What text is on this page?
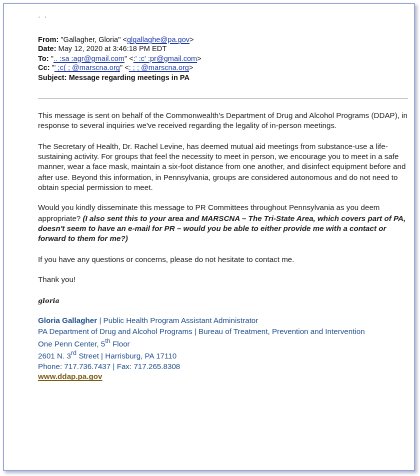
· ·
From: "Gallagher, Gloria" <glgallaghe@pa.gov>
Date: May 12, 2020 at 3:46:18 PM EDT
To: ".. :sa :agr@gmail.com" <:' :c' :pr@gmail.com>
Cc: "' ;c( ; @marscna.org" <: ; ; @marscna.org>
Subject: Message regarding meetings in PA

This message is sent on behalf of the Commonwealth's Department of Drug and Alcohol Programs (DDAP), in response to several inquiries we've received regarding the legality of in-person meetings.

The Secretary of Health, Dr. Rachel Levine, has deemed mutual aid meetings from substance-use a life-sustaining activity. For groups that feel the necessity to meet in person, we encourage you to meet in a safe manner, wear a face mask, maintain a six-foot distance from one another, and disinfect equipment before and after use. Beyond this information, in Pennsylvania, groups are considered autonomous and do not need to obtain special permission to meet.

Would you kindly disseminate this message to PR Committees throughout Pennsylvania as you deem appropriate? (I also sent this to your area and MARSCNA – The Tri-State Area, which covers part of PA, doesn't seem to have an e-mail for PR – would you be able to either provide me with a contact or forward to them for me?)

If you have any questions or concerns, please do not hesitate to contact me.

Thank you!

gloria
Gloria Gallagher | Public Health Program Assistant Administrator
PA Department of Drug and Alcohol Programs | Bureau of Treatment, Prevention and Intervention
One Penn Center, 5th Floor
2601 N. 3rd Street | Harrisburg, PA 17110
Phone: 717.736.7437 | Fax: 717.265.8308
www.ddap.pa.gov
